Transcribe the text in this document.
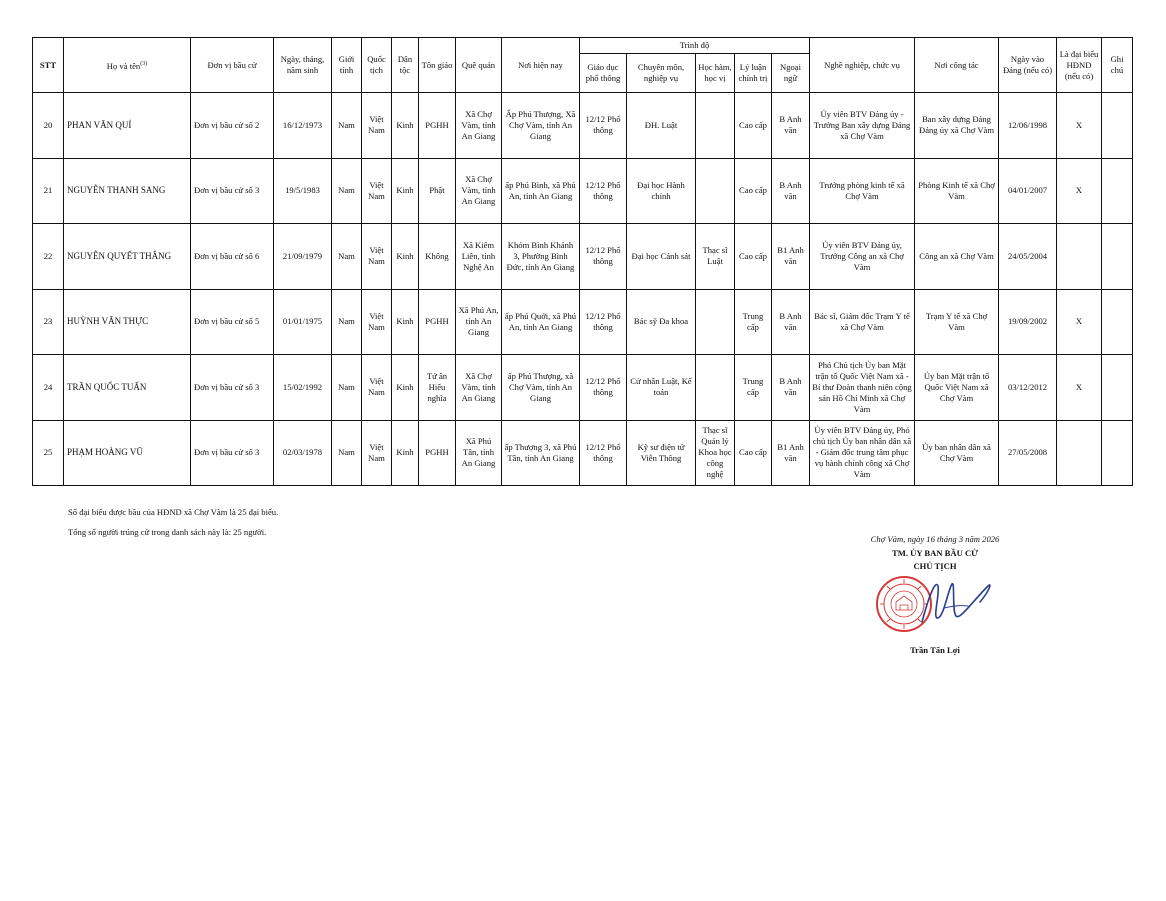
STT	Họ và tên$^{(3)}$	Đơn vị bầu cử	Ngày, tháng, năm sinh	Giới tính	Quốc tịch	Dân tộc	Tôn giáo	Quê quán	Nơi hiện nay	Trình độ					Nghề nghiệp, chức vụ	Nơi công tác	Ngày vào Đảng (nếu có)	Là đại biểu HĐND (nếu có)	Ghi chú
										Giáo dục phổ thông	Chuyên môn, nghiệp vụ	Học hàm, học vị	Lý luận chính trị	Ngoại ngữ					
20	PHAN VĂN QUÍ	Đơn vị bầu cử số 2	16/12/1973	Nam	Việt Nam	Kinh	PGHH	Xã Chợ Vàm, tỉnh An Giang	Ấp Phú Thượng, Xã Chợ Vàm, tỉnh An Giang	12/12 Phổ thông	ĐH. Luật		Cao cấp	B Anh văn	Ủy viên BTV Đảng ủy - Trưởng Ban xây dựng Đảng xã Chợ Vàm	Ban xây dựng Đảng Đảng ủy xã Chợ Vàm	12/06/1998	X	
21	NGUYỄN THANH SANG	Đơn vị bầu cử số 3	19/5/1983	Nam	Việt Nam	Kinh	Phật	Xã Chợ Vàm, tỉnh An Giang	ấp Phú Bình, xã Phú An, tỉnh An Giang	12/12 Phổ thông	Đại học Hành chính		Cao cấp	B Anh văn	Trưởng phòng kinh tế xã Chợ Vàm	Phòng Kinh tế xã Chợ Vàm	04/01/2007	X	
22	NGUYỄN QUYẾT THẮNG	Đơn vị bầu cử số 6	21/09/1979	Nam	Việt Nam	Kinh	Không	Xã Kiêm Liên, tỉnh Nghệ An	Khóm Bình Khánh 3, Phường Bình Đức, tỉnh An Giang	12/12 Phổ thông	Đại học Cảnh sát	Thạc sĩ Luật	Cao cấp	B1 Anh văn	Ủy viên BTV Đảng ủy, Trưởng Công an xã Chợ Vàm	Công an xã Chợ Vàm	24/05/2004		
23	HUỲNH VĂN THỰC	Đơn vị bầu cử số 5	01/01/1975	Nam	Việt Nam	Kinh	PGHH	Xã Phú An, tỉnh An Giang	ấp Phú Quới, xã Phú An, tỉnh An Giang	12/12 Phổ thông	Bác sỹ Đa khoa		Trung cấp	B Anh văn	Bác sĩ, Giám đốc Trạm Y tế xã Chợ Vàm	Trạm Y tế xã Chợ Vàm	19/09/2002	X	
24	TRẦN QUỐC TUẤN	Đơn vị bầu cử số 3	15/02/1992	Nam	Việt Nam	Kinh	Tứ ân Hiếu nghĩa	Xã Chợ Vàm, tỉnh An Giang	ấp Phú Thượng, xã Chợ Vàm, tỉnh An Giang	12/12 Phổ thông	Cử nhân Luật, Kế toán		Trung cấp	B Anh văn	Phó Chủ tịch Ủy ban Mặt trận tổ Quốc Việt Nam xã - Bí thư Đoàn thanh niên cộng sản Hồ Chí Minh xã Chợ Vàm	Ủy ban Mặt trận tổ Quốc Việt Nam xã Chợ Vàm	03/12/2012	X	
25	PHẠM HOÀNG VŨ	Đơn vị bầu cử số 3	02/03/1978	Nam	Việt Nam	Kinh	PGHH	Xã Phú Tân, tỉnh An Giang	ấp Thượng 3, xã Phú Tân, tỉnh An Giang	12/12 Phổ thông	Kỹ sư điện tử Viễn Thông	Thạc sĩ Quản lý Khoa học công nghệ	Cao cấp	B1 Anh văn	Ủy viên BTV Đảng ủy, Phó chủ tịch Ủy ban nhân dân xã - Giám đốc trung tâm phục vụ hành chính công xã Chợ Vàm	Ủy ban nhân dân xã Chợ Vàm	27/05/2008		
Số đại biểu được bầu của HĐND xã Chợ Vàm là 25 đại biểu.
Tổng số người trúng cử trong danh sách này là: 25 người.
Chợ Vàm, ngày 16 tháng 3 năm 2026
TM. ỦY BAN BẦU CỬ
CHỦ TỊCH
Trần Tấn Lợi
